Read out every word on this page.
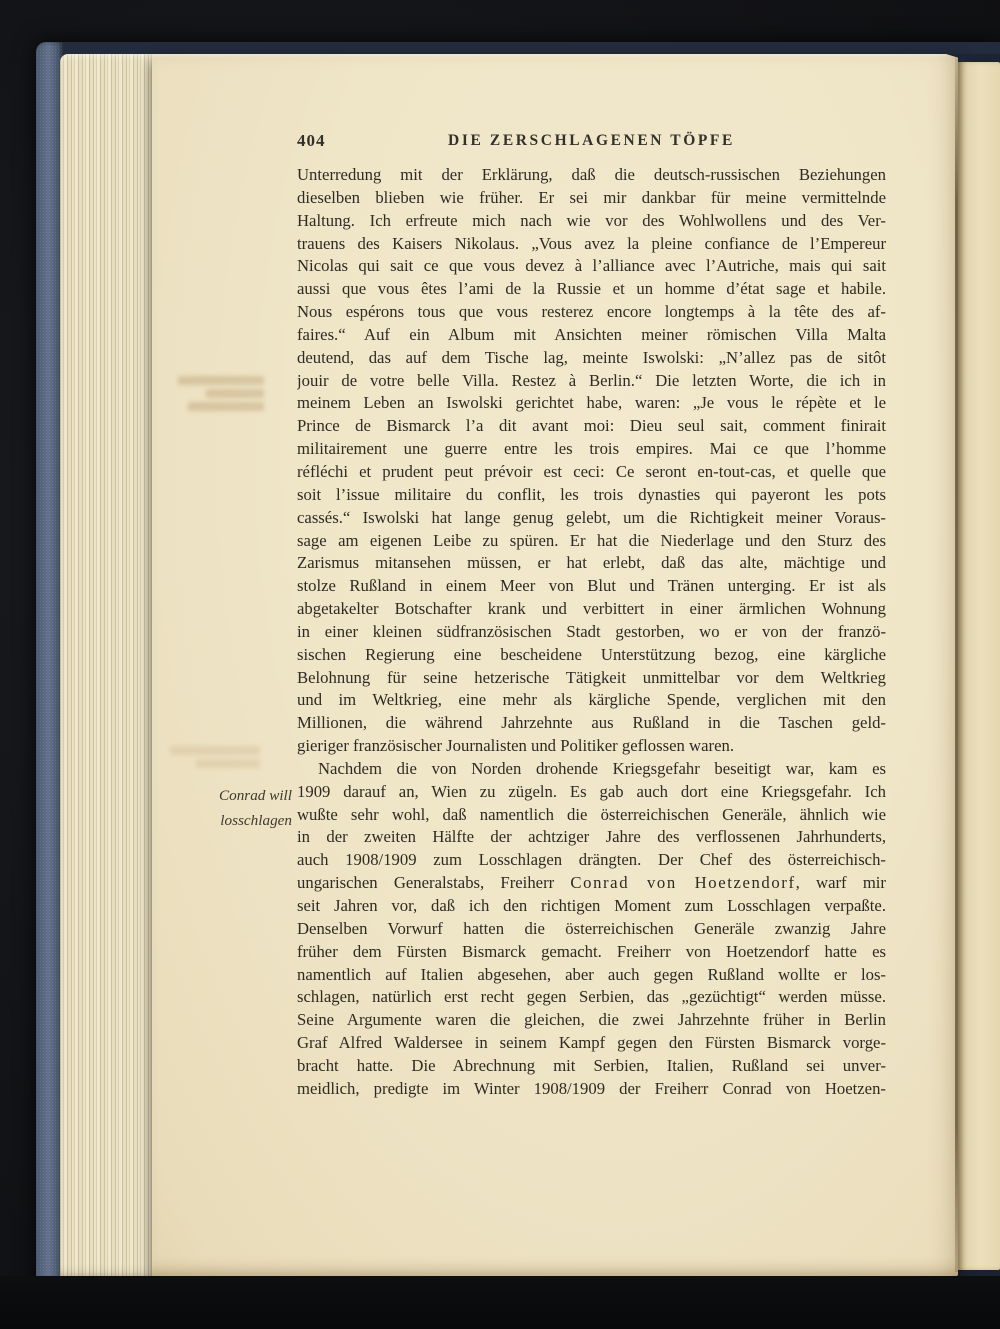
404	DIE ZERSCHLAGENEN TÖPFE
Unterredung mit der Erklärung, daß die deutsch-russischen Beziehungen
dieselben blieben wie früher. Er sei mir dankbar für meine vermittelnde
Haltung. Ich erfreute mich nach wie vor des Wohlwollens und des Ver-
trauens des Kaisers Nikolaus. „Vous avez la pleine confiance de l’Empereur
Nicolas qui sait ce que vous devez à l’alliance avec l’Autriche, mais qui sait
aussi que vous êtes l’ami de la Russie et un homme d’état sage et habile.
Nous espérons tous que vous resterez encore longtemps à la tête des af-
faires.“ Auf ein Album mit Ansichten meiner römischen Villa Malta
deutend, das auf dem Tische lag, meinte Iswolski: „N’allez pas de sitôt
jouir de votre belle Villa. Restez à Berlin.“ Die letzten Worte, die ich in
meinem Leben an Iswolski gerichtet habe, waren: „Je vous le répète et le
Prince de Bismarck l’a dit avant moi: Dieu seul sait, comment finirait
militairement une guerre entre les trois empires. Mai ce que l’homme
réfléchi et prudent peut prévoir est ceci: Ce seront en-tout-cas, et quelle que
soit l’issue militaire du conflit, les trois dynasties qui payeront les pots
cassés.“ Iswolski hat lange genug gelebt, um die Richtigkeit meiner Voraus-
sage am eigenen Leibe zu spüren. Er hat die Niederlage und den Sturz des
Zarismus mitansehen müssen, er hat erlebt, daß das alte, mächtige und
stolze Rußland in einem Meer von Blut und Tränen unterging. Er ist als
abgetakelter Botschafter krank und verbittert in einer ärmlichen Wohnung
in einer kleinen südfranzösischen Stadt gestorben, wo er von der franzö-
sischen Regierung eine bescheidene Unterstützung bezog, eine kärgliche
Belohnung für seine hetzerische Tätigkeit unmittelbar vor dem Weltkrieg
und im Weltkrieg, eine mehr als kärgliche Spende, verglichen mit den
Millionen, die während Jahrzehnte aus Rußland in die Taschen geld-
gieriger französischer Journalisten und Politiker geflossen waren.
Nachdem die von Norden drohende Kriegsgefahr beseitigt war, kam es
1909 darauf an, Wien zu zügeln. Es gab auch dort eine Kriegsgefahr. Ich
wußte sehr wohl, daß namentlich die österreichischen Generäle, ähnlich wie
in der zweiten Hälfte der achtziger Jahre des verflossenen Jahrhunderts,
auch 1908/1909 zum Losschlagen drängten. Der Chef des österreichisch-
ungarischen Generalstabs, Freiherr Conrad von Hoetzendorf, warf mir
seit Jahren vor, daß ich den richtigen Moment zum Losschlagen verpaßte.
Denselben Vorwurf hatten die österreichischen Generäle zwanzig Jahre
früher dem Fürsten Bismarck gemacht. Freiherr von Hoetzendorf hatte es
namentlich auf Italien abgesehen, aber auch gegen Rußland wollte er los-
schlagen, natürlich erst recht gegen Serbien, das „gezüchtigt“ werden müsse.
Seine Argumente waren die gleichen, die zwei Jahrzehnte früher in Berlin
Graf Alfred Waldersee in seinem Kampf gegen den Fürsten Bismarck vorge-
bracht hatte. Die Abrechnung mit Serbien, Italien, Rußland sei unver-
meidlich, predigte im Winter 1908/1909 der Freiherr Conrad von Hoetzen-
Conrad will
losschlagen
